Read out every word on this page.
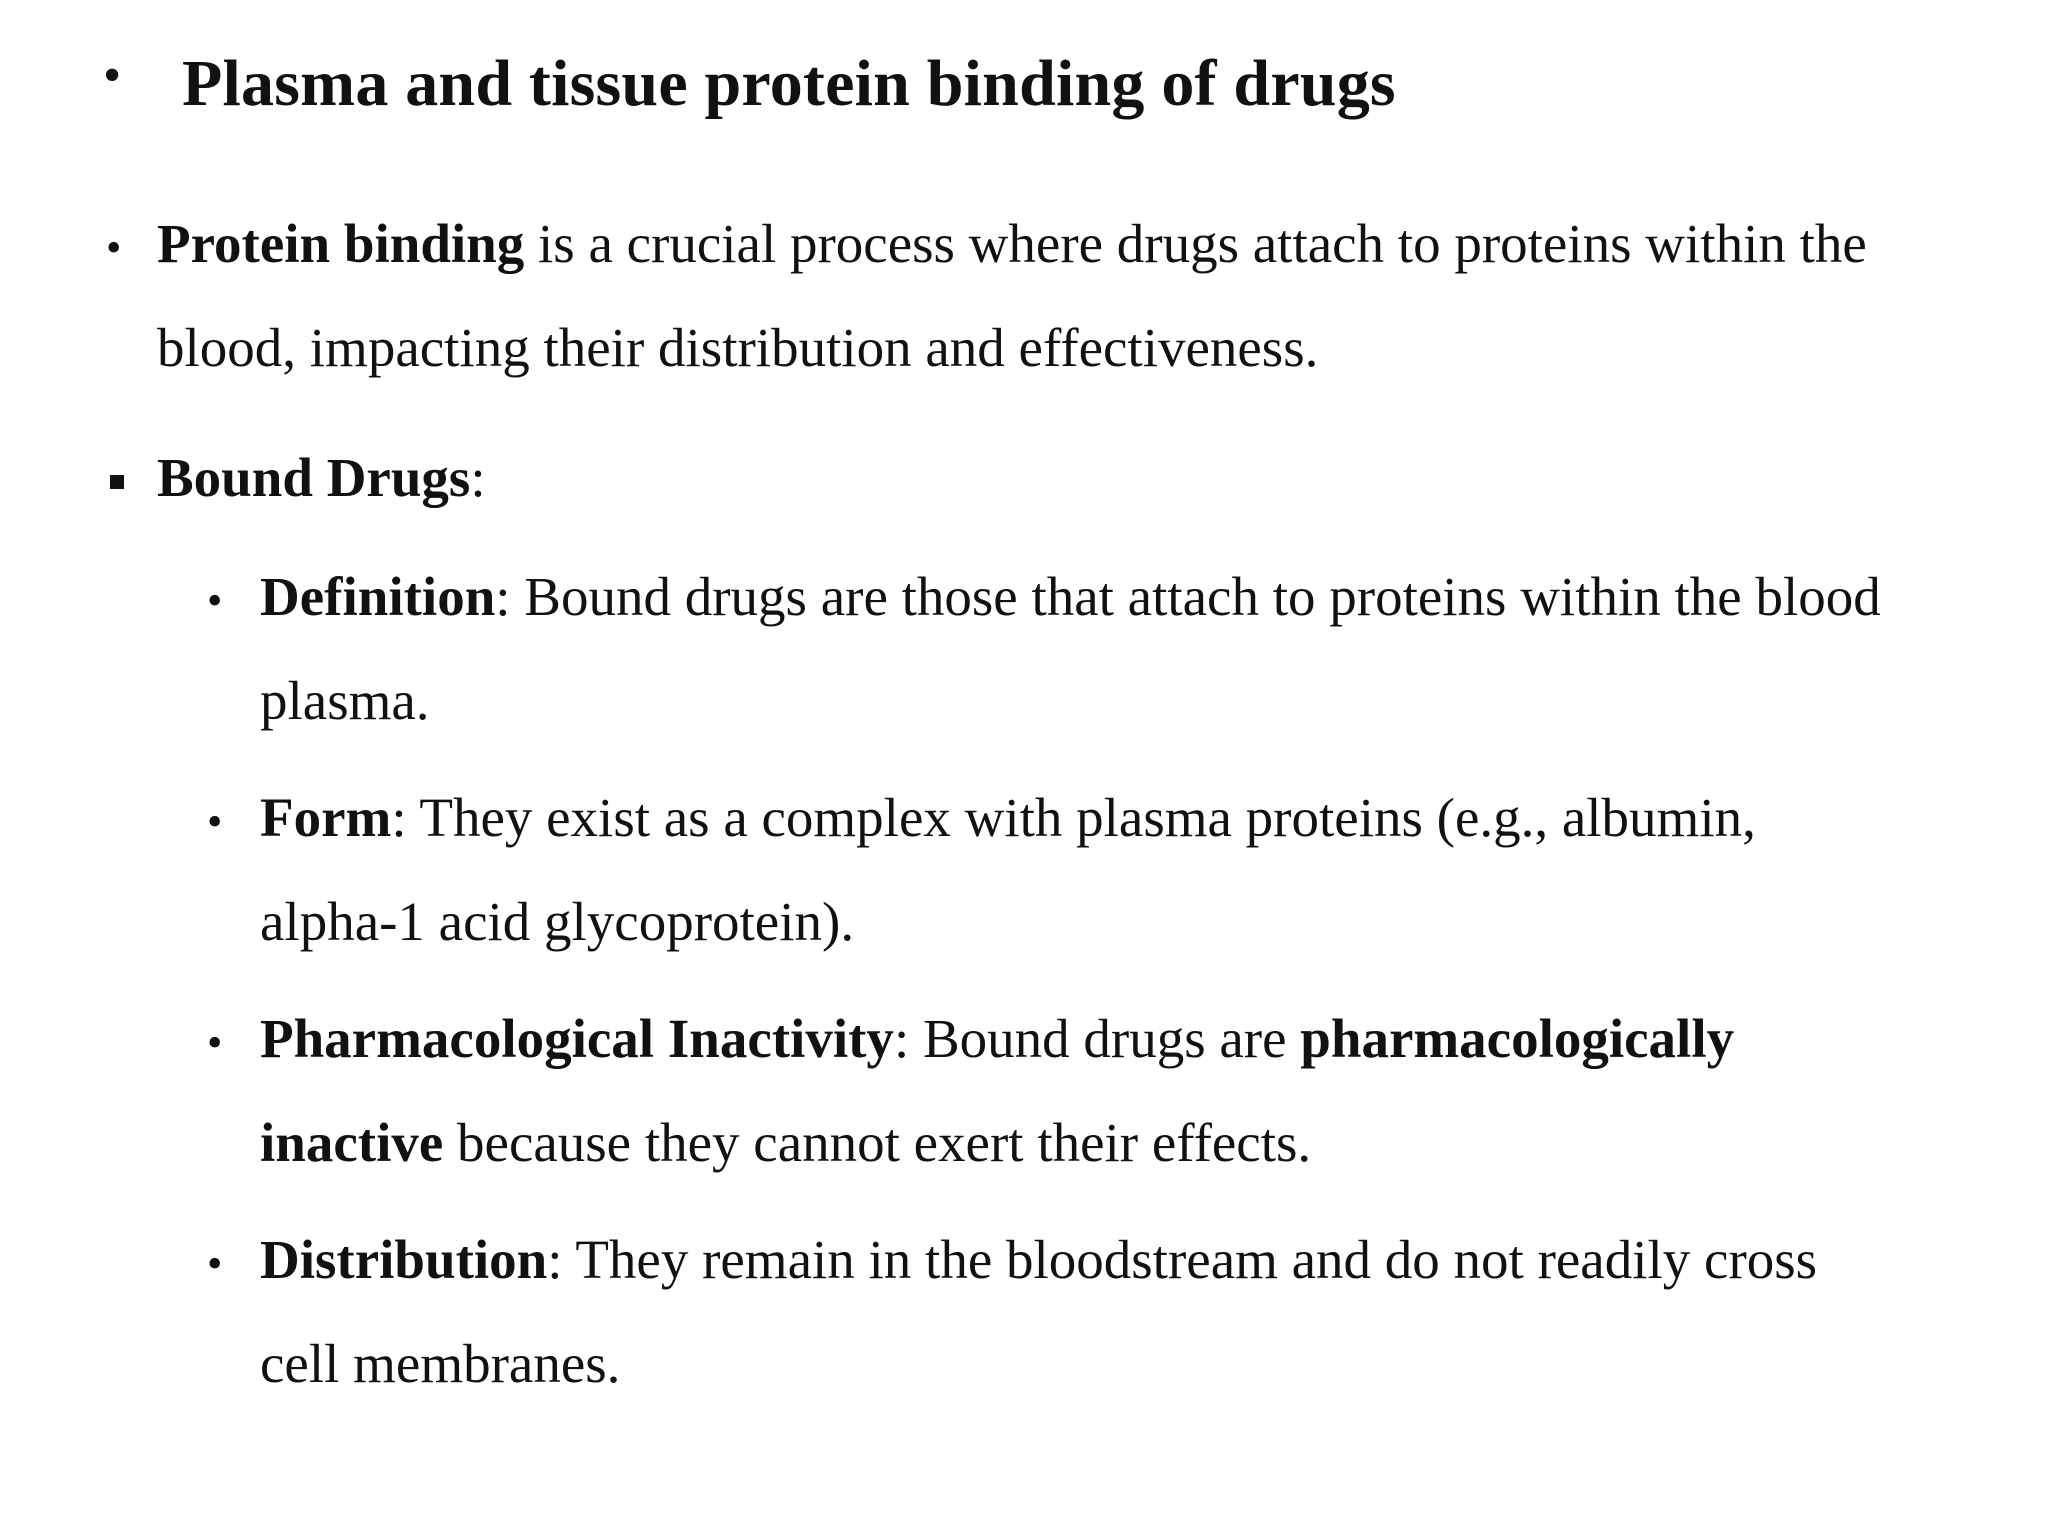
• Plasma and tissue protein binding of drugs
• Protein binding is a crucial process where drugs attach to proteins within the
blood, impacting their distribution and effectiveness.
Bound Drugs:
• Definition: Bound drugs are those that attach to proteins within the blood
plasma.
• Form: They exist as a complex with plasma proteins (e.g., albumin,
alpha-1 acid glycoprotein).
• Pharmacological Inactivity: Bound drugs are pharmacologically
inactive because they cannot exert their effects.
• Distribution: They remain in the bloodstream and do not readily cross
cell membranes.
